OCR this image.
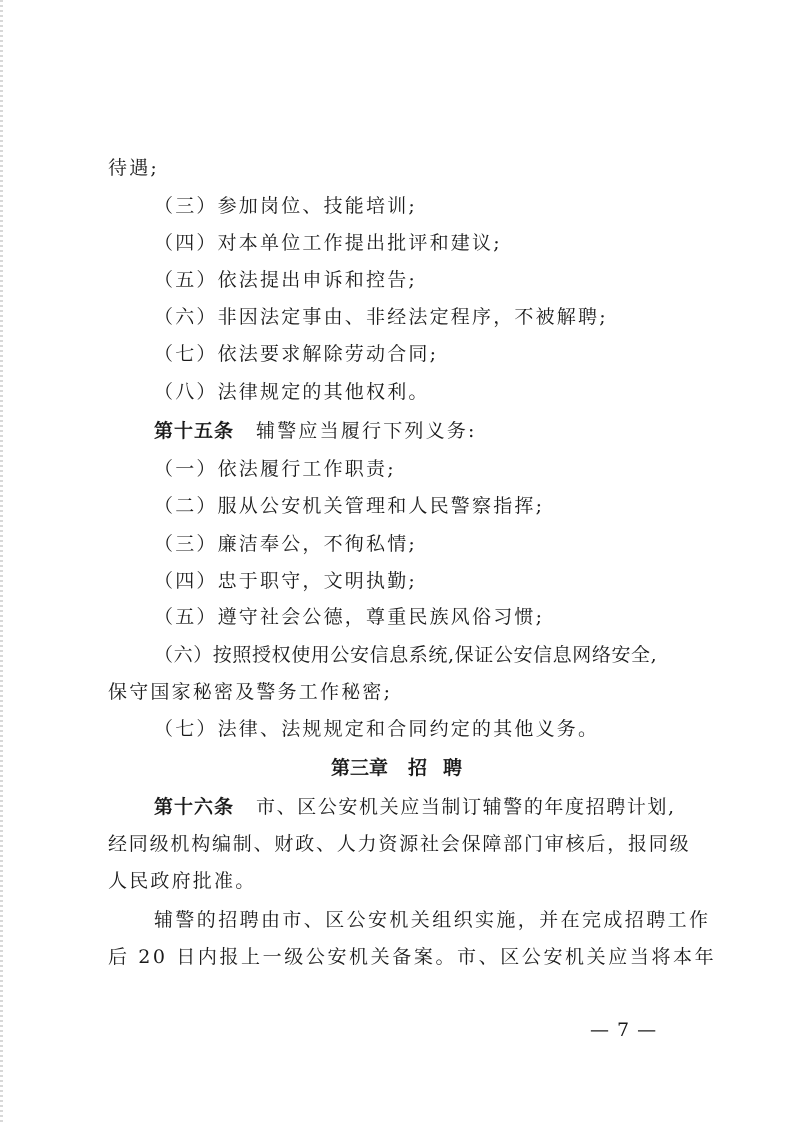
待遇;
（三）参加岗位、技能培训;
（四）对本单位工作提出批评和建议;
（五）依法提出申诉和控告;
（六）非因法定事由、非经法定程序，不被解聘;
（七）依法要求解除劳动合同;
（八）法律规定的其他权利。
第十五条 辅警应当履行下列义务:
（一）依法履行工作职责;
（二）服从公安机关管理和人民警察指挥;
（三）廉洁奉公，不徇私情;
（四）忠于职守，文明执勤;
（五）遵守社会公德，尊重民族风俗习惯;
（六）按照授权使用公安信息系统,保证公安信息网络安全,
保守国家秘密及警务工作秘密;
（七）法律、法规规定和合同约定的其他义务。
第三章 招 聘
第十六条 市、区公安机关应当制订辅警的年度招聘计划,
经同级机构编制、财政、人力资源社会保障部门审核后，报同级
人民政府批准。
辅警的招聘由市、区公安机关组织实施，并在完成招聘工作
后 20 日内报上一级公安机关备案。市、区公安机关应当将本年
— 7 —
